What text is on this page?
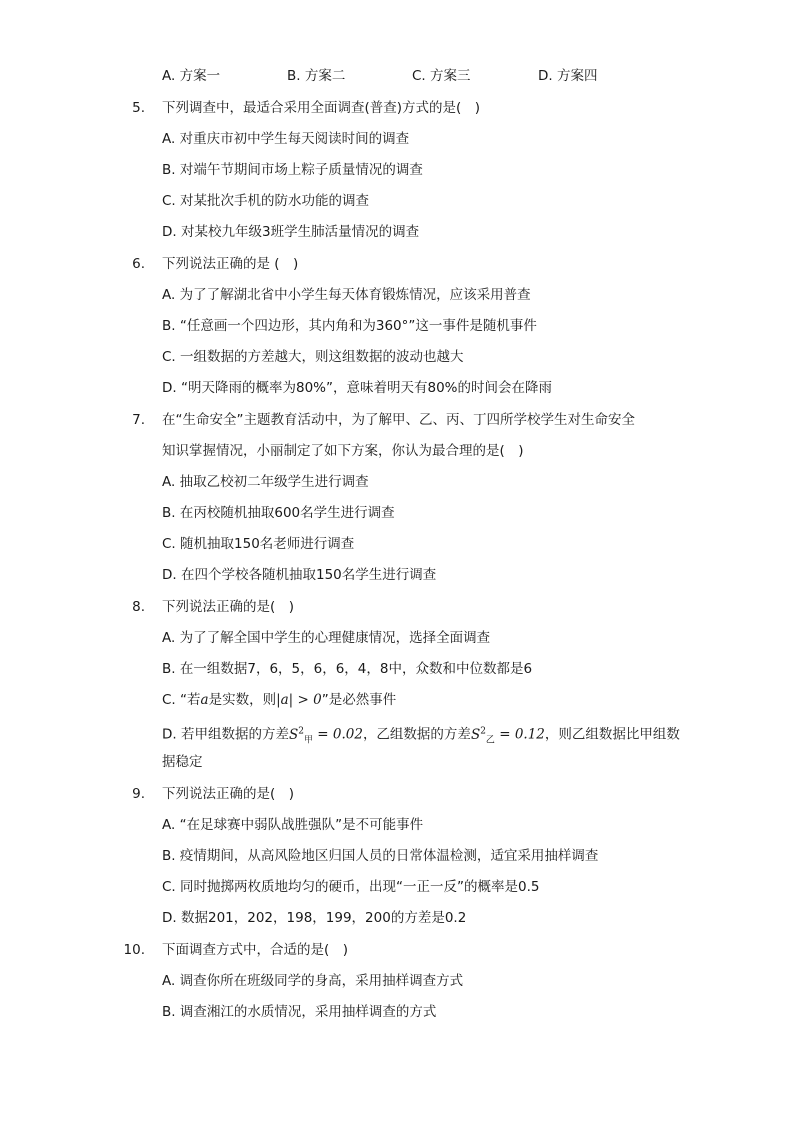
A. 方案一	B. 方案二	C. 方案三	D. 方案四
5. 下列调查中，最适合采用全面调查(普查)方式的是(　)
A. 对重庆市初中学生每天阅读时间的调查
B. 对端午节期间市场上粽子质量情况的调查
C. 对某批次手机的防水功能的调查
D. 对某校九年级3班学生肺活量情况的调查
6. 下列说法正确的是 (　)
A. 为了了解湖北省中小学生每天体育锻炼情况，应该采用普查
B. “任意画一个四边形，其内角和为360°”这一事件是随机事件
C. 一组数据的方差越大，则这组数据的波动也越大
D. “明天降雨的概率为80%”，意味着明天有80%的时间会在降雨
7. 在“生命安全”主题教育活动中，为了解甲、乙、丙、丁四所学校学生对生命安全
知识掌握情况，小丽制定了如下方案，你认为最合理的是(　)
A. 抽取乙校初二年级学生进行调查
B. 在丙校随机抽取600名学生进行调查
C. 随机抽取150名老师进行调查
D. 在四个学校各随机抽取150名学生进行调查
8. 下列说法正确的是(　)
A. 为了了解全国中学生的心理健康情况，选择全面调查
B. 在一组数据7，6，5，6，6，4，8中，众数和中位数都是6
C. “若a是实数，则|a| > 0”是必然事件
D. 若甲组数据的方差$S^2_甲 = 0.02$，乙组数据的方差$S^2_乙 = 0.12$，则乙组数据比甲组数
据稳定
9. 下列说法正确的是(　)
A. “在足球赛中弱队战胜强队”是不可能事件
B. 疫情期间，从高风险地区归国人员的日常体温检测，适宜采用抽样调查
C. 同时抛掷两枚质地均匀的硬币，出现“一正一反”的概率是0.5
D. 数据201，202，198，199，200的方差是0.2
10. 下面调查方式中，合适的是(　)
A. 调查你所在班级同学的身高，采用抽样调查方式
B. 调查湘江的水质情况，采用抽样调查的方式
